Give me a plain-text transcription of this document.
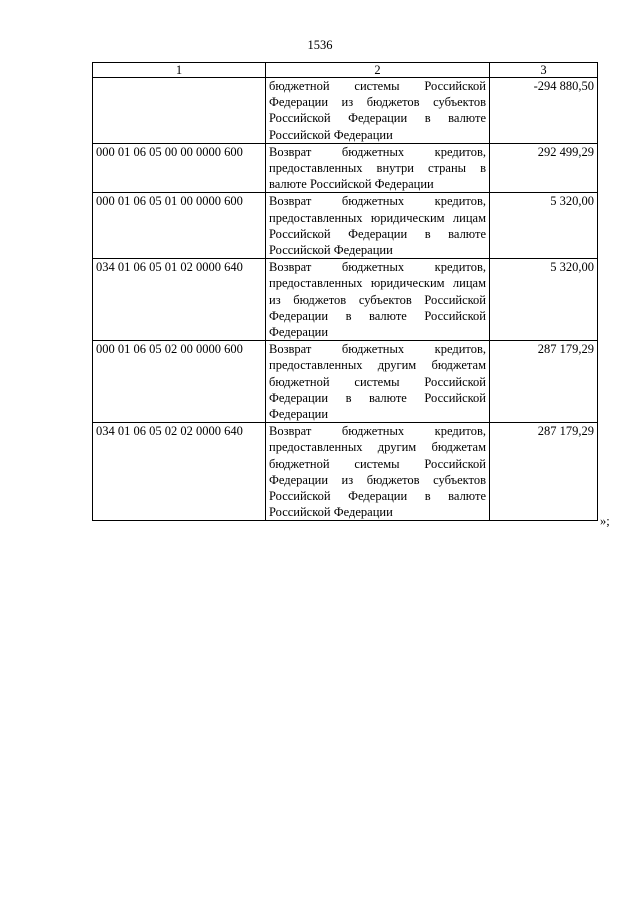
1536
1	2	3
	бюджетной системы Российской Федерации из бюджетов субъектов Российской Федерации в валюте Российской Федерации	-294 880,50
000 01 06 05 00 00 0000 600	Возврат бюджетных кредитов, предоставленных внутри страны в валюте Российской Федерации	292 499,29
000 01 06 05 01 00 0000 600	Возврат бюджетных кредитов, предоставленных юридическим лицам Российской Федерации в валюте Российской Федерации	5 320,00
034 01 06 05 01 02 0000 640	Возврат бюджетных кредитов, предоставленных юридическим лицам из бюджетов субъектов Российской Федерации в валюте Российской Федерации	5 320,00
000 01 06 05 02 00 0000 600	Возврат бюджетных кредитов, предоставленных другим бюджетам бюджетной системы Российской Федерации в валюте Российской Федерации	287 179,29
034 01 06 05 02 02 0000 640	Возврат бюджетных кредитов, предоставленных другим бюджетам бюджетной системы Российской Федерации из бюджетов субъектов Российской Федерации в валюте Российской Федерации	287 179,29
»;
